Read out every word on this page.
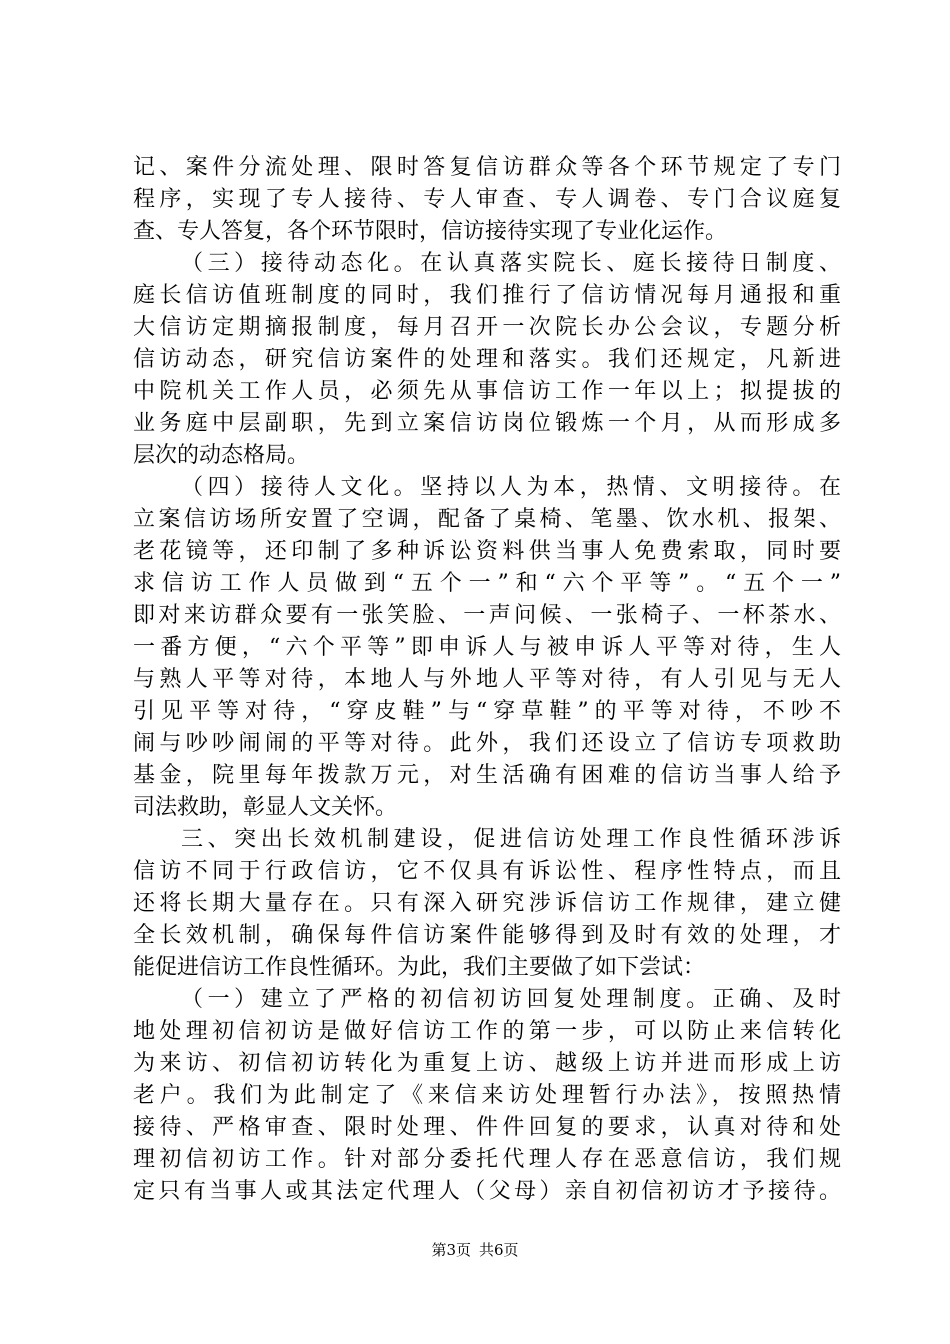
记、案件分流处理、限时答复信访群众等各个环节规定了专门
程序，实现了专人接待、专人审查、专人调卷、专门合议庭复
查、专人答复，各个环节限时，信访接待实现了专业化运作。
（三）接待动态化。在认真落实院长、庭长接待日制度、
庭长信访值班制度的同时，我们推行了信访情况每月通报和重
大信访定期摘报制度，每月召开一次院长办公会议，专题分析
信访动态，研究信访案件的处理和落实。我们还规定，凡新进
中院机关工作人员，必须先从事信访工作一年以上；拟提拔的
业务庭中层副职，先到立案信访岗位锻炼一个月，从而形成多
层次的动态格局。
（四）接待人文化。坚持以人为本，热情、文明接待。在
立案信访场所安置了空调，配备了桌椅、笔墨、饮水机、报架、
老花镜等，还印制了多种诉讼资料供当事人免费索取，同时要
求信访工作人员做到“五个一”和“六个平等”。“五个一”
即对来访群众要有一张笑脸、一声问候、一张椅子、一杯茶水、
一番方便，“六个平等”即申诉人与被申诉人平等对待，生人
与熟人平等对待，本地人与外地人平等对待，有人引见与无人
引见平等对待，“穿皮鞋”与“穿草鞋”的平等对待，不吵不
闹与吵吵闹闹的平等对待。此外，我们还设立了信访专项救助
基金，院里每年拨款万元，对生活确有困难的信访当事人给予
司法救助，彰显人文关怀。
三、突出长效机制建设，促进信访处理工作良性循环涉诉
信访不同于行政信访，它不仅具有诉讼性、程序性特点，而且
还将长期大量存在。只有深入研究涉诉信访工作规律，建立健
全长效机制，确保每件信访案件能够得到及时有效的处理，才
能促进信访工作良性循环。为此，我们主要做了如下尝试：
（一）建立了严格的初信初访回复处理制度。正确、及时
地处理初信初访是做好信访工作的第一步，可以防止来信转化
为来访、初信初访转化为重复上访、越级上访并进而形成上访
老户。我们为此制定了《来信来访处理暂行办法》，按照热情
接待、严格审查、限时处理、件件回复的要求，认真对待和处
理初信初访工作。针对部分委托代理人存在恶意信访，我们规
定只有当事人或其法定代理人（父母）亲自初信初访才予接待。
第3页 共6页
